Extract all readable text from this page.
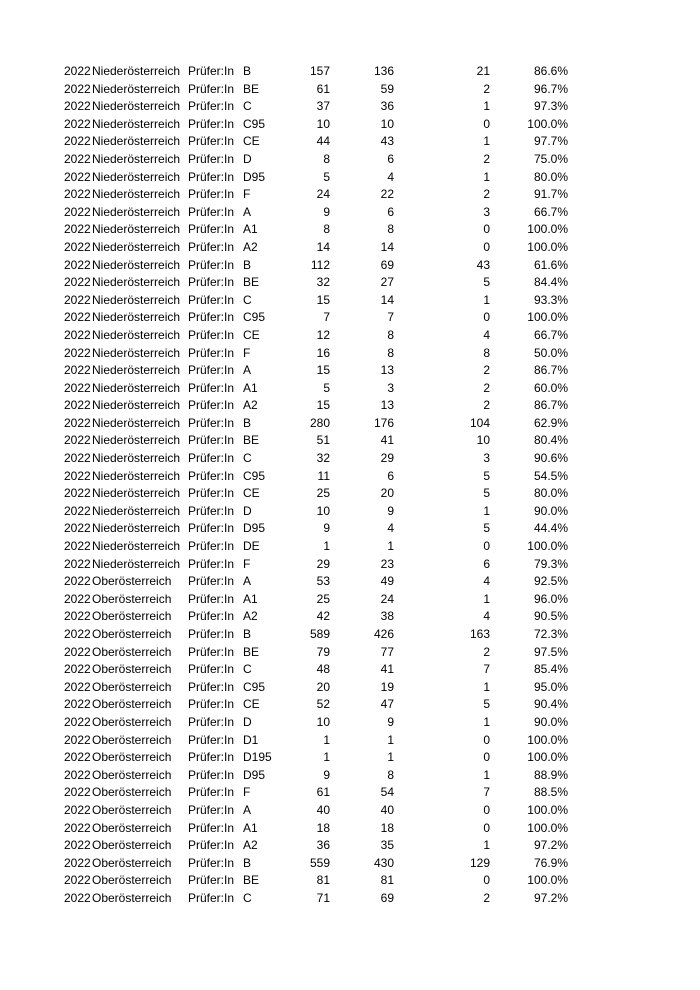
2022 Niederösterreich Prüfer:In B	157	136	21	86.6%
2022 Niederösterreich Prüfer:In BE	61	59	2	96.7%
2022 Niederösterreich Prüfer:In C	37	36	1	97.3%
2022 Niederösterreich Prüfer:In C95	10	10	0	100.0%
2022 Niederösterreich Prüfer:In CE	44	43	1	97.7%
2022 Niederösterreich Prüfer:In D	8	6	2	75.0%
2022 Niederösterreich Prüfer:In D95	5	4	1	80.0%
2022 Niederösterreich Prüfer:In F	24	22	2	91.7%
2022 Niederösterreich Prüfer:In A	9	6	3	66.7%
2022 Niederösterreich Prüfer:In A1	8	8	0	100.0%
2022 Niederösterreich Prüfer:In A2	14	14	0	100.0%
2022 Niederösterreich Prüfer:In B	112	69	43	61.6%
2022 Niederösterreich Prüfer:In BE	32	27	5	84.4%
2022 Niederösterreich Prüfer:In C	15	14	1	93.3%
2022 Niederösterreich Prüfer:In C95	7	7	0	100.0%
2022 Niederösterreich Prüfer:In CE	12	8	4	66.7%
2022 Niederösterreich Prüfer:In F	16	8	8	50.0%
2022 Niederösterreich Prüfer:In A	15	13	2	86.7%
2022 Niederösterreich Prüfer:In A1	5	3	2	60.0%
2022 Niederösterreich Prüfer:In A2	15	13	2	86.7%
2022 Niederösterreich Prüfer:In B	280	176	104	62.9%
2022 Niederösterreich Prüfer:In BE	51	41	10	80.4%
2022 Niederösterreich Prüfer:In C	32	29	3	90.6%
2022 Niederösterreich Prüfer:In C95	11	6	5	54.5%
2022 Niederösterreich Prüfer:In CE	25	20	5	80.0%
2022 Niederösterreich Prüfer:In D	10	9	1	90.0%
2022 Niederösterreich Prüfer:In D95	9	4	5	44.4%
2022 Niederösterreich Prüfer:In DE	1	1	0	100.0%
2022 Niederösterreich Prüfer:In F	29	23	6	79.3%
2022 Oberösterreich	Prüfer:In A	53	49	4	92.5%
2022 Oberösterreich	Prüfer:In A1	25	24	1	96.0%
2022 Oberösterreich	Prüfer:In A2	42	38	4	90.5%
2022 Oberösterreich	Prüfer:In B	589	426	163	72.3%
2022 Oberösterreich	Prüfer:In BE	79	77	2	97.5%
2022 Oberösterreich	Prüfer:In C	48	41	7	85.4%
2022 Oberösterreich	Prüfer:In C95	20	19	1	95.0%
2022 Oberösterreich	Prüfer:In CE	52	47	5	90.4%
2022 Oberösterreich	Prüfer:In D	10	9	1	90.0%
2022 Oberösterreich	Prüfer:In D1	1	1	0	100.0%
2022 Oberösterreich	Prüfer:In D195	1	1	0	100.0%
2022 Oberösterreich	Prüfer:In D95	9	8	1	88.9%
2022 Oberösterreich	Prüfer:In F	61	54	7	88.5%
2022 Oberösterreich	Prüfer:In A	40	40	0	100.0%
2022 Oberösterreich	Prüfer:In A1	18	18	0	100.0%
2022 Oberösterreich	Prüfer:In A2	36	35	1	97.2%
2022 Oberösterreich	Prüfer:In B	559	430	129	76.9%
2022 Oberösterreich	Prüfer:In BE	81	81	0	100.0%
2022 Oberösterreich	Prüfer:In C	71	69	2	97.2%
